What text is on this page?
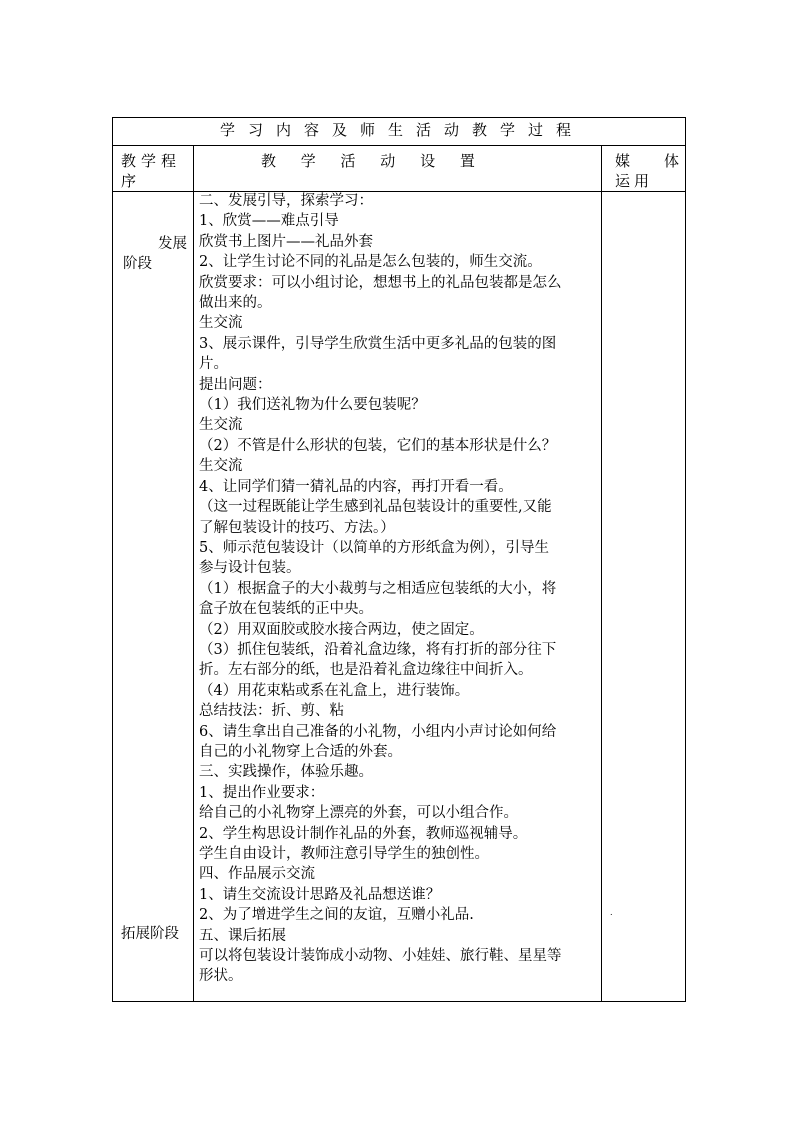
学习内容及师生活动教学过程
教学程序
教 学 活 动 设 置	媒 体
运用
发展
阶段
拓展阶段
二、发展引导，探索学习：
1、欣赏——难点引导
欣赏书上图片——礼品外套
2、让学生讨论不同的礼品是怎么包装的，师生交流。
欣赏要求：可以小组讨论，想想书上的礼品包装都是怎么
做出来的。
生交流
3、展示课件，引导学生欣赏生活中更多礼品的包装的图
片。
提出问题：
（1）我们送礼物为什么要包装呢？
生交流
（2）不管是什么形状的包装，它们的基本形状是什么？
生交流
4、让同学们猜一猜礼品的内容，再打开看一看。
（这一过程既能让学生感到礼品包装设计的重要性,又能
了解包装设计的技巧、方法。）
5、师示范包装设计（以简单的方形纸盒为例），引导生
参与设计包装。
（1）根据盒子的大小裁剪与之相适应包装纸的大小，将
盒子放在包装纸的正中央。
（2）用双面胶或胶水接合两边，使之固定。
（3）抓住包装纸，沿着礼盒边缘，将有打折的部分往下
折。左右部分的纸，也是沿着礼盒边缘往中间折入。
（4）用花束粘或系在礼盒上，进行装饰。
总结技法：折、剪、粘
6、请生拿出自己准备的小礼物，小组内小声讨论如何给
自己的小礼物穿上合适的外套。
三、实践操作，体验乐趣。
1、提出作业要求：
给自己的小礼物穿上漂亮的外套，可以小组合作。
2、学生构思设计制作礼品的外套，教师巡视辅导。
学生自由设计，教师注意引导学生的独创性。
四、作品展示交流
1、请生交流设计思路及礼品想送谁？
2、为了增进学生之间的友谊，互赠小礼品.
五、课后拓展
可以将包装设计装饰成小动物、小娃娃、旅行鞋、星星等
形状。
.
